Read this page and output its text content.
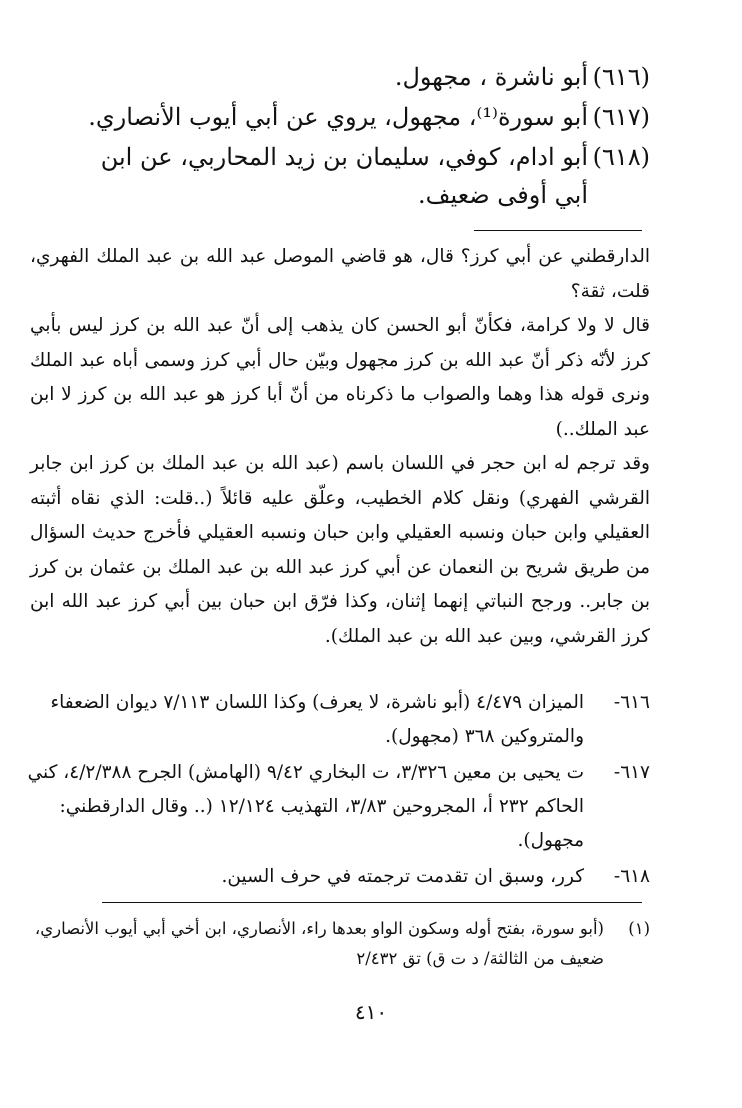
(٦١٦)
أبو ناشرة ، مجهول.
(٦١٧)
أبو سورة⁽¹⁾، مجهول، يروي عن أبي أيوب الأنصاري.
(٦١٨)
أبو ادام، كوفي، سليمان بن زيد المحاربي، عن ابن أبي أوفى ضعيف.

الدارقطني عن أبي كرز؟ قال، هو قاضي الموصل عبد الله بن عبد الملك الفهري، قلت، ثقة؟

قال لا ولا كرامة، فكأنّ أبو الحسن كان يذهب إلى أنّ عبد الله بن كرز ليس بأبي كرز لأنّه ذكر أنّ عبد الله بن كرز مجهول وبيّن حال أبي كرز وسمى أباه عبد الملك ونرى قوله هذا وهما والصواب ما ذكرناه من أنّ أبا كرز هو عبد الله بن كرز لا ابن عبد الملك..)

وقد ترجم له ابن حجر في اللسان باسم (عبد الله بن عبد الملك بن كرز ابن جابر القرشي الفهري) ونقل كلام الخطيب، وعلّق عليه قائلاً (..قلت: الذي نقاه أثبته العقيلي وابن حبان ونسبه العقيلي وابن حبان ونسبه العقيلي فأخرج حديث السؤال من طريق شريح بن النعمان عن أبي كرز عبد الله بن عبد الملك بن عثمان بن كرز بن جابر.. ورجح النباتي إنهما إثنان، وكذا فرّق ابن حبان بين أبي كرز عبد الله ابن كرز القرشي، وبين عبد الله بن عبد الملك).

٦١٦-
الميزان ٤/٤٧٩ (أبو ناشرة، لا يعرف) وكذا اللسان ٧/١١٣ ديوان الضعفاء والمتروكين ٣٦٨ (مجهول).
٦١٧-
ت يحيى بن معين ٣/٣٢٦، ت البخاري ٩/٤٢ (الهامش) الجرح ٤/٢/٣٨٨، كني الحاكم ٢٣٢ أ، المجروحين ٣/٨٣، التهذيب ١٢/١٢٤ (.. وقال الدارقطني: مجهول).
٦١٨-
كرر، وسبق ان تقدمت ترجمته في حرف السين.
(١)
(أبو سورة، بفتح أوله وسكون الواو بعدها راء، الأنصاري، ابن أخي أبي أيوب الأنصاري، ضعيف من الثالثة/ د ت ق) تق ٢/٤٣٢
٤١٠
